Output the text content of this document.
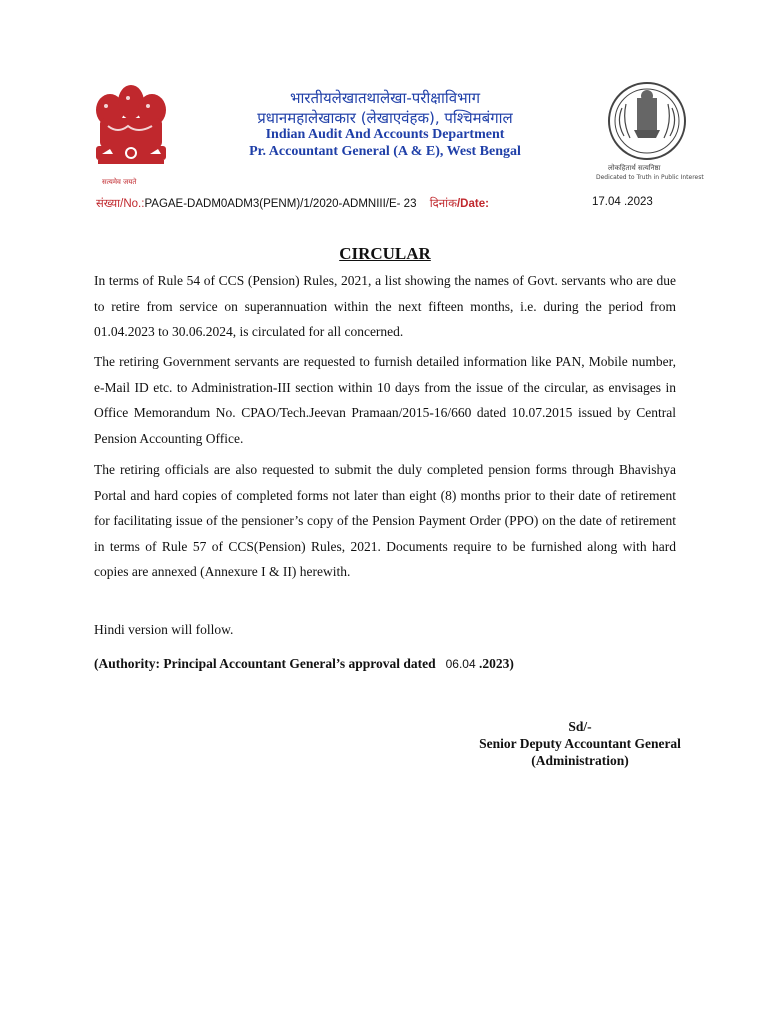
सत्यमेव जयते
भारतीयलेखातथालेखा-परीक्षाविभाग
प्रधानमहालेखाकार (लेखाएवंहक), पश्चिमबंगाल
Indian Audit And Accounts Department
Pr. Accountant General (A & E), West Bengal
लोकहितार्थ सत्यनिष्ठा
Dedicated to Truth in Public Interest
संख्या/No.:PAGAE-DADM0ADM3(PENM)/1/2020-ADMNIII/E- 23 दिनांक/Date:	17.04 .2023
CIRCULAR
In terms of Rule 54 of CCS (Pension) Rules, 2021, a list showing the names of Govt. servants who are due to retire from service on superannuation within the next fifteen months, i.e. during the period from 01.04.2023 to 30.06.2024, is circulated for all concerned.
The retiring Government servants are requested to furnish detailed information like PAN, Mobile number, e-Mail ID etc. to Administration-III section within 10 days from the issue of the circular, as envisages in Office Memorandum No. CPAO/Tech.Jeevan Pramaan/2015-16/660 dated 10.07.2015 issued by Central Pension Accounting Office.
The retiring officials are also requested to submit the duly completed pension forms through Bhavishya Portal and hard copies of completed forms not later than eight (8) months prior to their date of retirement for facilitating issue of the pensioner’s copy of the Pension Payment Order (PPO) on the date of retirement in terms of Rule 57 of CCS(Pension) Rules, 2021. Documents require to be furnished along with hard copies are annexed (Annexure I & II) herewith.
Hindi version will follow.
(Authority: Principal Accountant General’s approval dated 06.04 .2023)
Sd/-
Senior Deputy Accountant General
(Administration)
